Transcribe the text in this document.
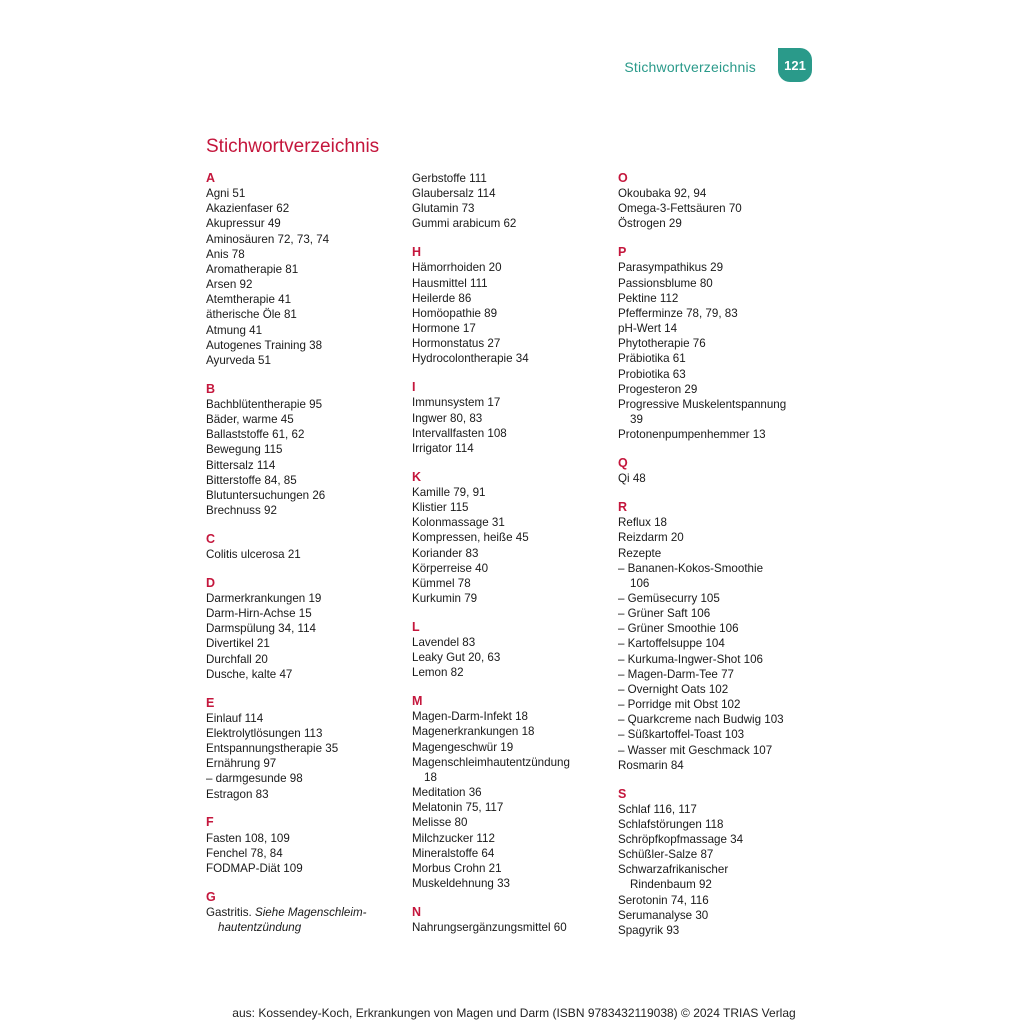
Stichwortverzeichnis	121
Stichwortverzeichnis
A
Agni 51
Akazienfaser 62
Akupressur 49
Aminosäuren 72, 73, 74
Anis 78
Aromatherapie 81
Arsen 92
Atemtherapie 41
ätherische Öle 81
Atmung 41
Autogenes Training 38
Ayurveda 51
B
Bachblütentherapie 95
Bäder, warme 45
Ballaststoffe 61, 62
Bewegung 115
Bittersalz 114
Bitterstoffe 84, 85
Blutuntersuchungen 26
Brechnuss 92
C
Colitis ulcerosa 21
D
Darmerkrankungen 19
Darm-Hirn-Achse 15
Darmspülung 34, 114
Divertikel 21
Durchfall 20
Dusche, kalte 47
E
Einlauf 114
Elektrolytlösungen 113
Entspannungstherapie 35
Ernährung 97
– darmgesunde 98
Estragon 83
F
Fasten 108, 109
Fenchel 78, 84
FODMAP-Diät 109
G
Gastritis. Siehe Magenschleim-
hautentzündung
Gerbstoffe 111
Glaubersalz 114
Glutamin 73
Gummi arabicum 62
H
Hämorrhoiden 20
Hausmittel 111
Heilerde 86
Homöopathie 89
Hormone 17
Hormonstatus 27
Hydrocolontherapie 34
I
Immunsystem 17
Ingwer 80, 83
Intervallfasten 108
Irrigator 114
K
Kamille 79, 91
Klistier 115
Kolonmassage 31
Kompressen, heiße 45
Koriander 83
Körperreise 40
Kümmel 78
Kurkumin 79
L
Lavendel 83
Leaky Gut 20, 63
Lemon 82
M
Magen-Darm-Infekt 18
Magenerkrankungen 18
Magengeschwür 19
Magenschleimhautentzündung
18
Meditation 36
Melatonin 75, 117
Melisse 80
Milchzucker 112
Mineralstoffe 64
Morbus Crohn 21
Muskeldehnung 33
N
Nahrungsergänzungsmittel 60
O
Okoubaka 92, 94
Omega-3-Fettsäuren 70
Östrogen 29
P
Parasympathikus 29
Passionsblume 80
Pektine 112
Pfefferminze 78, 79, 83
pH-Wert 14
Phytotherapie 76
Präbiotika 61
Probiotika 63
Progesteron 29
Progressive Muskelentspannung
39
Protonenpumpenhemmer 13
Q
Qi 48
R
Reflux 18
Reizdarm 20
Rezepte
– Bananen-Kokos-Smoothie
106
– Gemüsecurry 105
– Grüner Saft 106
– Grüner Smoothie 106
– Kartoffelsuppe 104
– Kurkuma-Ingwer-Shot 106
– Magen-Darm-Tee 77
– Overnight Oats 102
– Porridge mit Obst 102
– Quarkcreme nach Budwig 103
– Süßkartoffel-Toast 103
– Wasser mit Geschmack 107
Rosmarin 84
S
Schlaf 116, 117
Schlafstörungen 118
Schröpfkopfmassage 34
Schüßler-Salze 87
Schwarzafrikanischer
Rindenbaum 92
Serotonin 74, 116
Serumanalyse 30
Spagyrik 93
aus: Kossendey-Koch, Erkrankungen von Magen und Darm (ISBN 9783432119038) © 2024 TRIAS Verlag
